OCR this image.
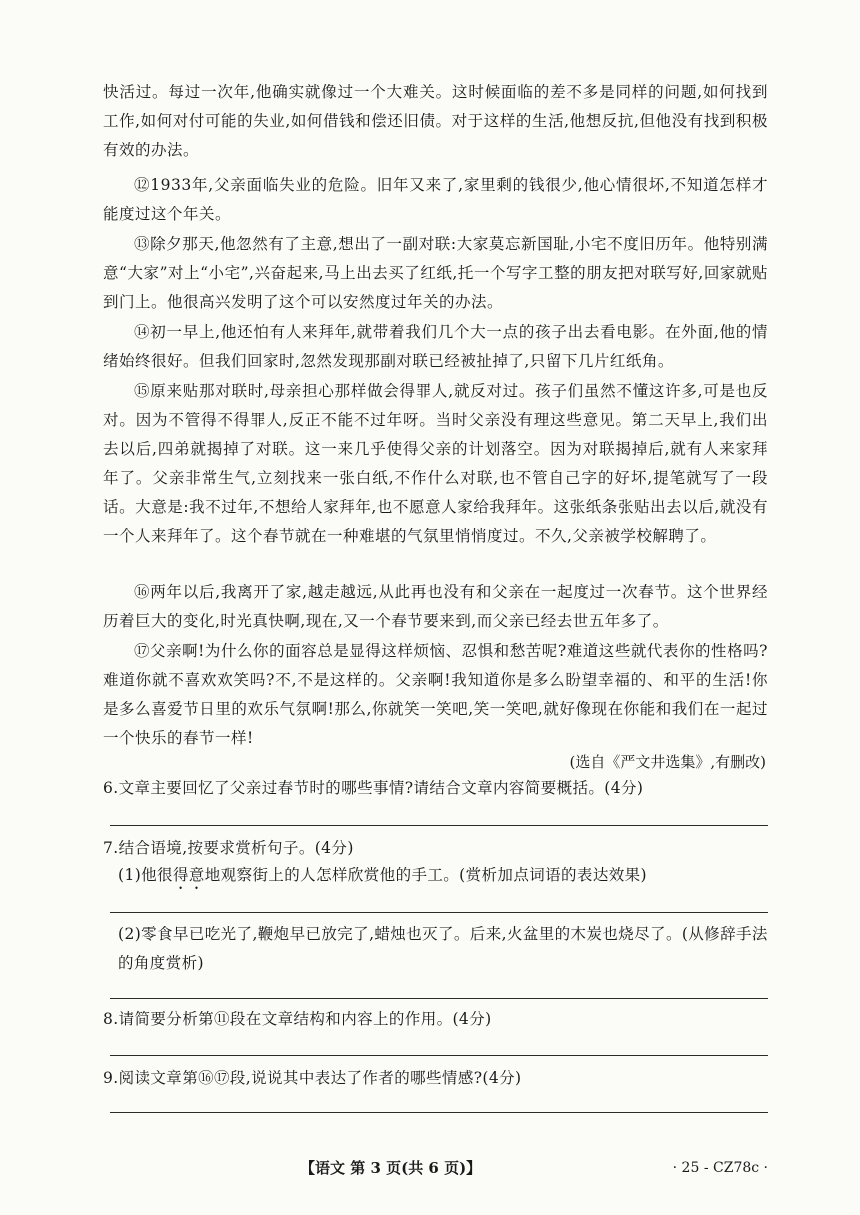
快活过。每过一次年,他确实就像过一个大难关。这时候面临的差不多是同样的问题,如何找到工作,如何对付可能的失业,如何借钱和偿还旧债。对于这样的生活,他想反抗,但他没有找到积极有效的办法。

⑫1933年,父亲面临失业的危险。旧年又来了,家里剩的钱很少,他心情很坏,不知道怎样才能度过这个年关。

⑬除夕那天,他忽然有了主意,想出了一副对联:大家莫忘新国耻,小宅不度旧历年。他特别满意“大家”对上“小宅”,兴奋起来,马上出去买了红纸,托一个写字工整的朋友把对联写好,回家就贴到门上。他很高兴发明了这个可以安然度过年关的办法。

⑭初一早上,他还怕有人来拜年,就带着我们几个大一点的孩子出去看电影。在外面,他的情绪始终很好。但我们回家时,忽然发现那副对联已经被扯掉了,只留下几片红纸角。

⑮原来贴那对联时,母亲担心那样做会得罪人,就反对过。孩子们虽然不懂这许多,可是也反对。因为不管得不得罪人,反正不能不过年呀。当时父亲没有理这些意见。第二天早上,我们出去以后,四弟就揭掉了对联。这一来几乎使得父亲的计划落空。因为对联揭掉后,就有人来家拜年了。父亲非常生气,立刻找来一张白纸,不作什么对联,也不管自己字的好坏,提笔就写了一段话。大意是:我不过年,不想给人家拜年,也不愿意人家给我拜年。这张纸条张贴出去以后,就没有一个人来拜年了。这个春节就在一种难堪的气氛里悄悄度过。不久,父亲被学校解聘了。

⑯两年以后,我离开了家,越走越远,从此再也没有和父亲在一起度过一次春节。这个世界经历着巨大的变化,时光真快啊,现在,又一个春节要来到,而父亲已经去世五年多了。

⑰父亲啊!为什么你的面容总是显得这样烦恼、忍惧和愁苦呢?难道这些就代表你的性格吗?难道你就不喜欢欢笑吗?不,不是这样的。父亲啊!我知道你是多么盼望幸福的、和平的生活!你是多么喜爱节日里的欢乐气氛啊!那么,你就笑一笑吧,笑一笑吧,就好像现在你能和我们在一起过一个快乐的春节一样!

(选自《严文井选集》,有删改)

6.文章主要回忆了父亲过春节时的哪些事情?请结合文章内容简要概括。(4分)

7.结合语境,按要求赏析句子。(4分)

(1)他很得意地观察街上的人怎样欣赏他的手工。(赏析加点词语的表达效果)

(2)零食早已吃光了,鞭炮早已放完了,蜡烛也灭了。后来,火盆里的木炭也烧尽了。(从修辞手法的角度赏析)

8.请简要分析第⑪段在文章结构和内容上的作用。(4分)

9.阅读文章第⑯⑰段,说说其中表达了作者的哪些情感?(4分)

【语文 第 3 页(共 6 页)】	· 25 - CZ78c ·
